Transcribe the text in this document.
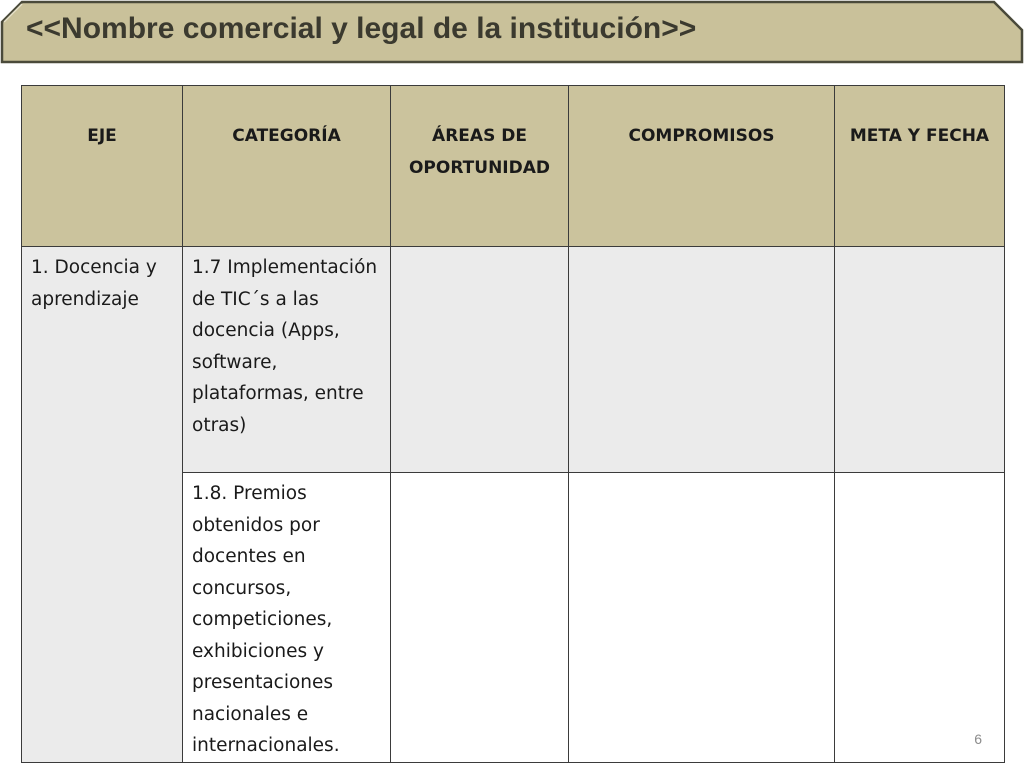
<<Nombre comercial y legal de la institución>>
EJE	CATEGORÍA	ÁREAS DE OPORTUNIDAD	COMPROMISOS	META Y FECHA
1. Docencia y aprendizaje	1.7 Implementación de TIC´s a las docencia (Apps, software, plataformas, entre otras)			
	1.8. Premios obtenidos por docentes en concursos, competiciones, exhibiciones y presentaciones nacionales e internacionales.				6
